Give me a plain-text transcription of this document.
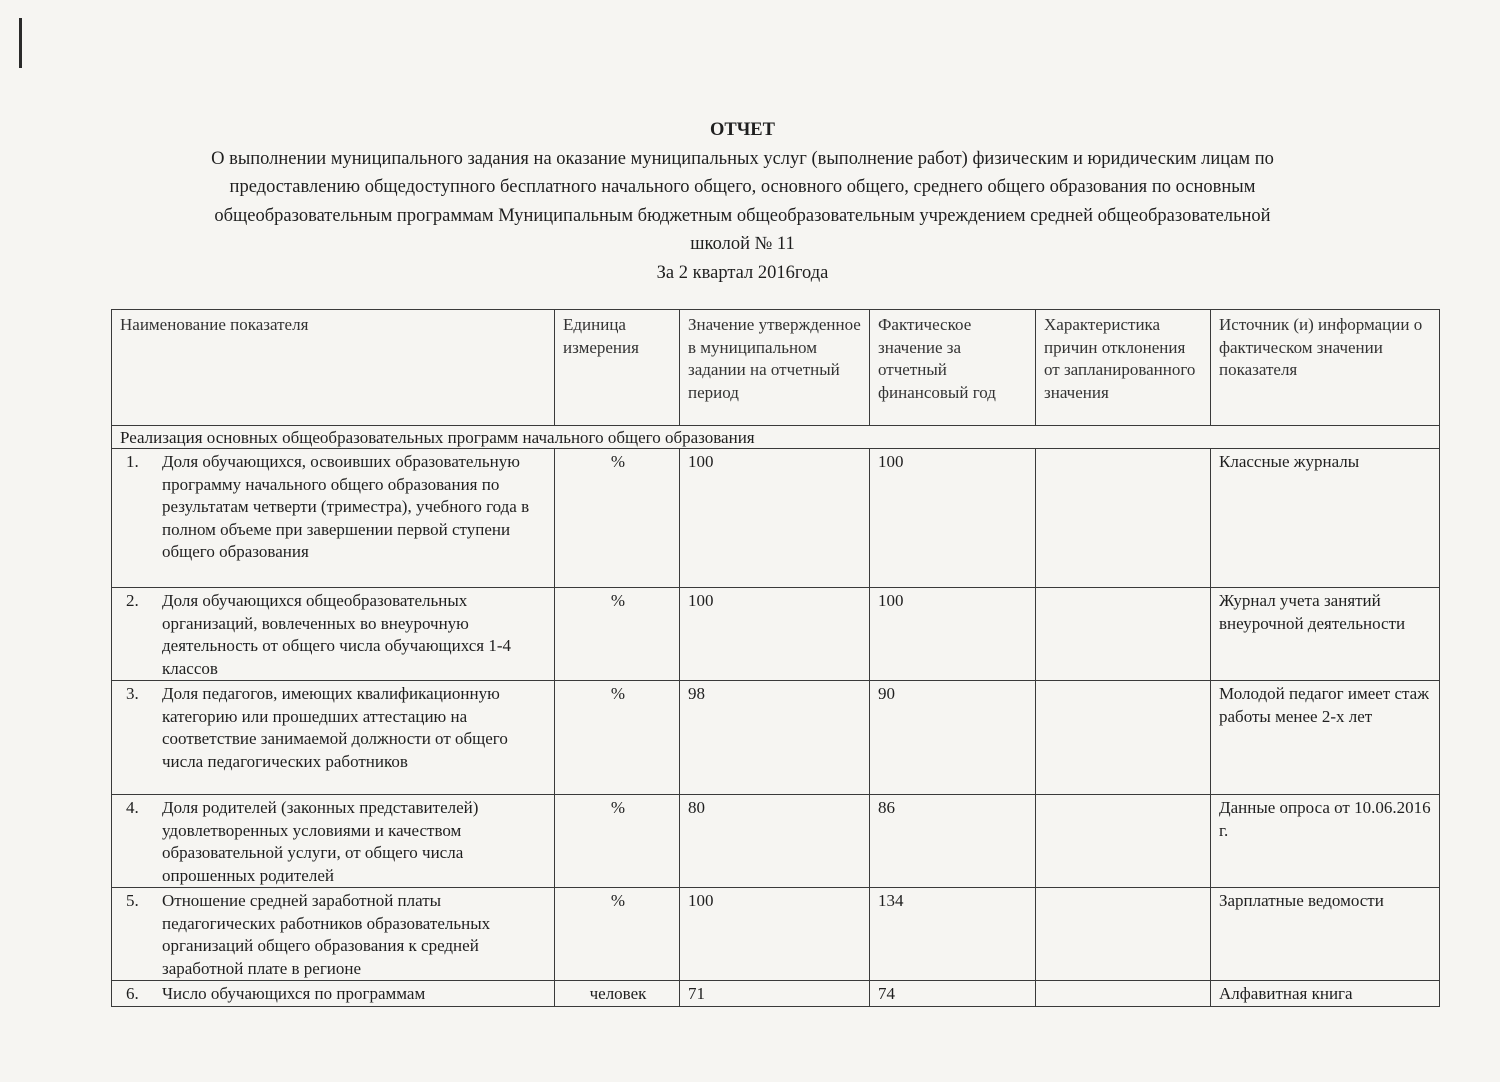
ОТЧЕТ
О выполнении муниципального задания на оказание муниципальных услуг (выполнение работ) физическим и юридическим лицам по
предоставлению общедоступного бесплатного начального общего, основного общего, среднего общего образования по основным
общеобразовательным программам Муниципальным бюджетным общеобразовательным учреждением средней общеобразовательной
школой № 11
За 2 квартал 2016года
Наименование показателя	Единица измерения	Значение утвержденное в муниципальном задании на отчетный период	Фактическое значение за отчетный финансовый год	Характеристика причин отклонения от запланированного значения	Источник (и) информации о фактическом значении показателя
Реализация основных общеобразовательных программ начального общего образования					

1. Доля обучающихся, освоивших образовательную программу начального общего образования по результатам четверти (триместра), учебного года в полном объеме при завершении первой ступени общего образования	%	100	100		Классные журналы

2. Доля обучающихся общеобразовательных организаций, вовлеченных во внеурочную деятельность от общего числа обучающихся 1-4 классов	%	100	100		Журнал учета занятий внеурочной деятельности

3. Доля педагогов, имеющих квалификационную категорию или прошедших аттестацию на соответствие занимаемой должности от общего числа педагогических работников	%	98	90		Молодой педагог имеет стаж работы менее 2-х лет

4. Доля родителей (законных представителей) удовлетворенных условиями и качеством образовательной услуги, от общего числа опрошенных родителей	%	80	86		Данные опроса от 10.06.2016 г.

5. Отношение средней заработной платы педагогических работников образовательных организаций общего образования к средней заработной плате в регионе	%	100	134		Зарплатные ведомости

6. Число обучающихся по программам	человек	71	74		Алфавитная книга
